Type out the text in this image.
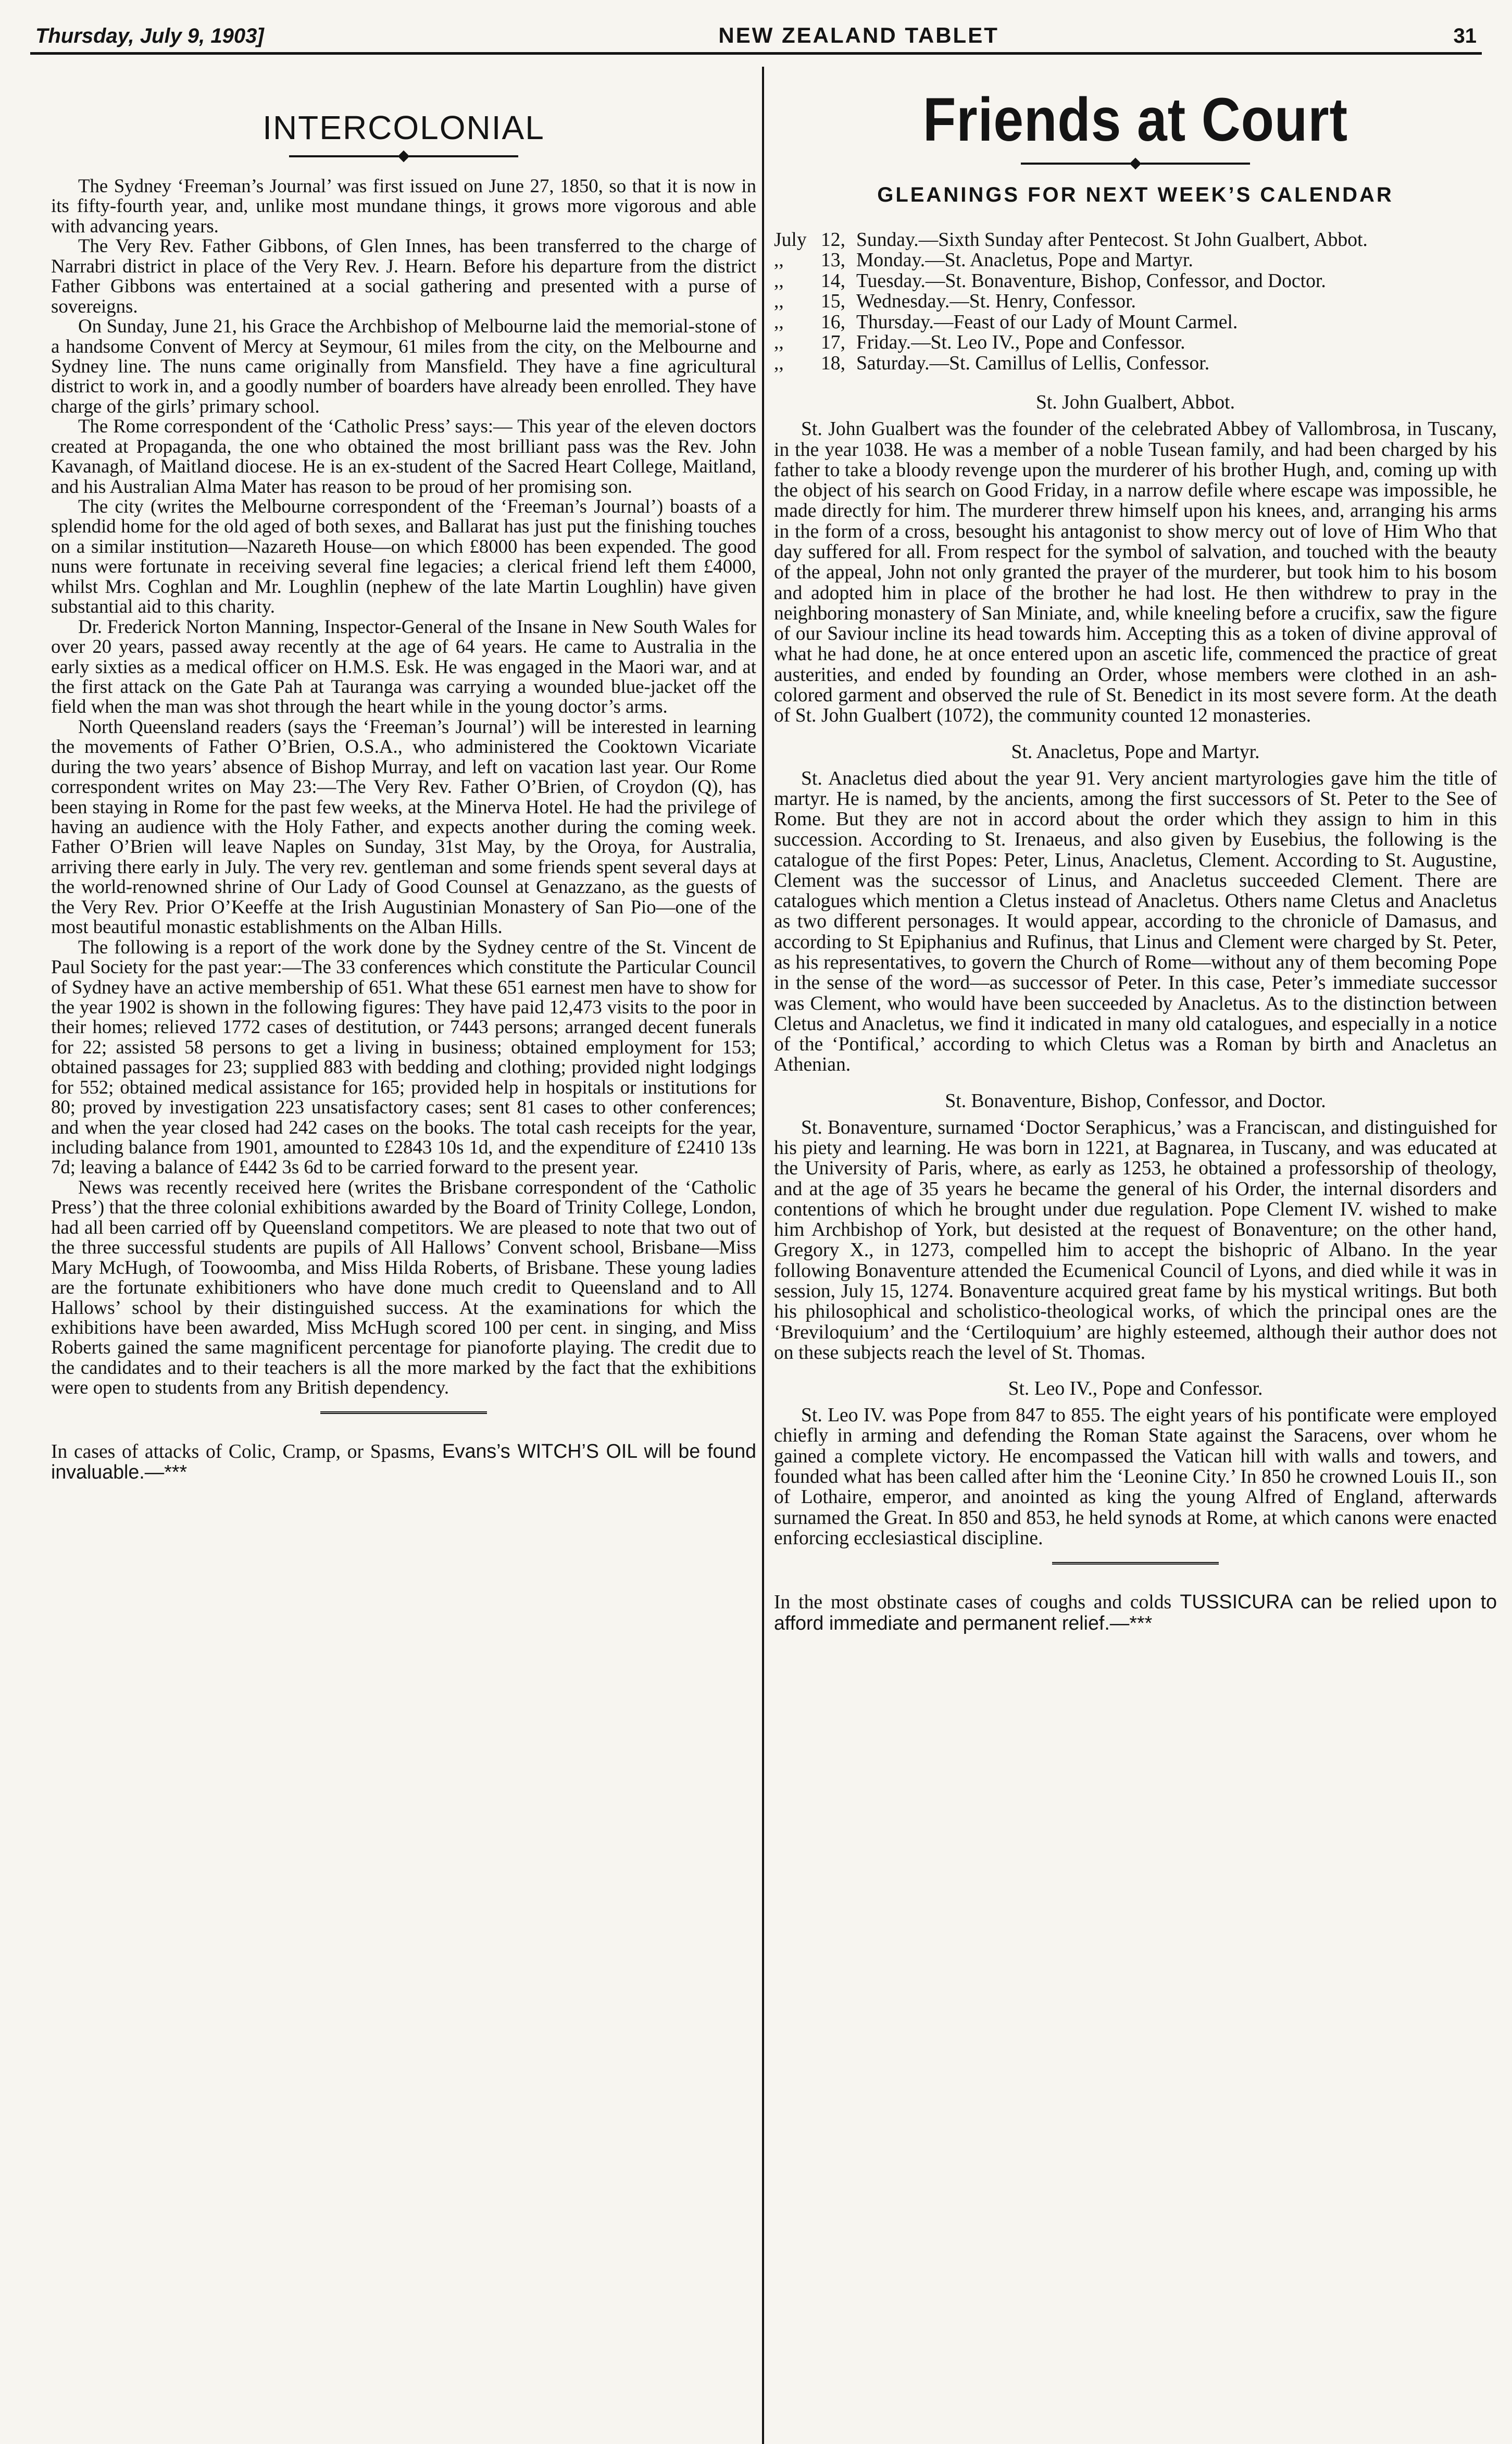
Thursday, July 9, 1903]	NEW ZEALAND TABLET	31
INTERCOLONIAL

The Sydney ‘Freeman’s Journal’ was first issued on June 27, 1850, so that it is now in its fifty-fourth year, and, unlike most mundane things, it grows more vigorous and able with advancing years.

The Very Rev. Father Gibbons, of Glen Innes, has been transferred to the charge of Narrabri district in place of the Very Rev. J. Hearn. Before his departure from the district Father Gibbons was entertained at a social gathering and presented with a purse of sovereigns.

On Sunday, June 21, his Grace the Archbishop of Melbourne laid the memorial-stone of a handsome Convent of Mercy at Seymour, 61 miles from the city, on the Melbourne and Sydney line. The nuns came originally from Mansfield. They have a fine agricultural district to work in, and a goodly number of boarders have already been enrolled. They have charge of the girls’ primary school.

The Rome correspondent of the ‘Catholic Press’ says:— This year of the eleven doctors created at Propaganda, the one who obtained the most brilliant pass was the Rev. John Kavanagh, of Maitland diocese. He is an ex-student of the Sacred Heart College, Maitland, and his Australian Alma Mater has reason to be proud of her promising son.

The city (writes the Melbourne correspondent of the ‘Freeman’s Journal’) boasts of a splendid home for the old aged of both sexes, and Ballarat has just put the finishing touches on a similar institution—Nazareth House—on which £8000 has been expended. The good nuns were fortunate in receiving several fine legacies; a clerical friend left them £4000, whilst Mrs. Coghlan and Mr. Loughlin (nephew of the late Martin Loughlin) have given substantial aid to this charity.

Dr. Frederick Norton Manning, Inspector-General of the Insane in New South Wales for over 20 years, passed away recently at the age of 64 years. He came to Australia in the early sixties as a medical officer on H.M.S. Esk. He was engaged in the Maori war, and at the first attack on the Gate Pah at Tauranga was carrying a wounded blue-jacket off the field when the man was shot through the heart while in the young doctor’s arms.

North Queensland readers (says the ‘Freeman’s Journal’) will be interested in learning the movements of Father O’Brien, O.S.A., who administered the Cooktown Vicariate during the two years’ absence of Bishop Murray, and left on vacation last year. Our Rome correspondent writes on May 23:—The Very Rev. Father O’Brien, of Croydon (Q), has been staying in Rome for the past few weeks, at the Minerva Hotel. He had the privilege of having an audience with the Holy Father, and expects another during the coming week. Father O’Brien will leave Naples on Sunday, 31st May, by the Oroya, for Australia, arriving there early in July. The very rev. gentleman and some friends spent several days at the world-renowned shrine of Our Lady of Good Counsel at Genazzano, as the guests of the Very Rev. Prior O’Keeffe at the Irish Augustinian Monastery of San Pio—one of the most beautiful monastic establishments on the Alban Hills.

The following is a report of the work done by the Sydney centre of the St. Vincent de Paul Society for the past year:—The 33 conferences which constitute the Particular Council of Sydney have an active membership of 651. What these 651 earnest men have to show for the year 1902 is shown in the following figures: They have paid 12,473 visits to the poor in their homes; relieved 1772 cases of destitution, or 7443 persons; arranged decent funerals for 22; assisted 58 persons to get a living in business; obtained employment for 153; obtained passages for 23; supplied 883 with bedding and clothing; provided night lodgings for 552; obtained medical assistance for 165; provided help in hospitals or institutions for 80; proved by investigation 223 unsatisfactory cases; sent 81 cases to other conferences; and when the year closed had 242 cases on the books. The total cash receipts for the year, including balance from 1901, amounted to £2843 10s 1d, and the expenditure of £2410 13s 7d; leaving a balance of £442 3s 6d to be carried forward to the present year.

News was recently received here (writes the Brisbane correspondent of the ‘Catholic Press’) that the three colonial exhibitions awarded by the Board of Trinity College, London, had all been carried off by Queensland competitors. We are pleased to note that two out of the three successful students are pupils of All Hallows’ Convent school, Brisbane—Miss Mary McHugh, of Toowoomba, and Miss Hilda Roberts, of Brisbane. These young ladies are the fortunate exhibitioners who have done much credit to Queensland and to All Hallows’ school by their distinguished success. At the examinations for which the exhibitions have been awarded, Miss McHugh scored 100 per cent. in singing, and Miss Roberts gained the same magnificent percentage for pianoforte playing. The credit due to the candidates and to their teachers is all the more marked by the fact that the exhibitions were open to students from any British dependency.

In cases of attacks of Colic, Cramp, or Spasms, Evans’s WITCH’S OIL will be found invaluable.—***
Friends at Court
GLEANINGS FOR NEXT WEEK’S CALENDAR
July 12, Sunday.—Sixth Sunday after Pentecost. St John Gualbert, Abbot.
,,	13, Monday.—St. Anacletus, Pope and Martyr.
,,	14, Tuesday.—St. Bonaventure, Bishop, Confessor, and Doctor.
,,	15, Wednesday.—St. Henry, Confessor.
,,	16, Thursday.—Feast of our Lady of Mount Carmel.
,,	17, Friday.—St. Leo IV., Pope and Confessor.
,,	18, Saturday.—St. Camillus of Lellis, Confessor.
St. John Gualbert, Abbot.

St. John Gualbert was the founder of the celebrated Abbey of Vallombrosa, in Tuscany, in the year 1038. He was a member of a noble Tusean family, and had been charged by his father to take a bloody revenge upon the murderer of his brother Hugh, and, coming up with the object of his search on Good Friday, in a narrow defile where escape was impossible, he made directly for him. The murderer threw himself upon his knees, and, arranging his arms in the form of a cross, besought his antagonist to show mercy out of love of Him Who that day suffered for all. From respect for the symbol of salvation, and touched with the beauty of the appeal, John not only granted the prayer of the murderer, but took him to his bosom and adopted him in place of the brother he had lost. He then withdrew to pray in the neighboring monastery of San Miniate, and, while kneeling before a crucifix, saw the figure of our Saviour incline its head towards him. Accepting this as a token of divine approval of what he had done, he at once entered upon an ascetic life, commenced the practice of great austerities, and ended by founding an Order, whose members were clothed in an ash-colored garment and observed the rule of St. Benedict in its most severe form. At the death of St. John Gualbert (1072), the community counted 12 monasteries.

St. Anacletus, Pope and Martyr.

St. Anacletus died about the year 91. Very ancient martyrologies gave him the title of martyr. He is named, by the ancients, among the first successors of St. Peter to the See of Rome. But they are not in accord about the order which they assign to him in this succession. According to St. Irenaeus, and also given by Eusebius, the following is the catalogue of the first Popes: Peter, Linus, Anacletus, Clement. According to St. Augustine, Clement was the successor of Linus, and Anacletus succeeded Clement. There are catalogues which mention a Cletus instead of Anacletus. Others name Cletus and Anacletus as two different personages. It would appear, according to the chronicle of Damasus, and according to St Epiphanius and Rufinus, that Linus and Clement were charged by St. Peter, as his representatives, to govern the Church of Rome—without any of them becoming Pope in the sense of the word—as successor of Peter. In this case, Peter’s immediate successor was Clement, who would have been succeeded by Anacletus. As to the distinction between Cletus and Anacletus, we find it indicated in many old catalogues, and especially in a notice of the ‘Pontifical,’ according to which Cletus was a Roman by birth and Anacletus an Athenian.

St. Bonaventure, Bishop, Confessor, and Doctor.

St. Bonaventure, surnamed ‘Doctor Seraphicus,’ was a Franciscan, and distinguished for his piety and learning. He was born in 1221, at Bagnarea, in Tuscany, and was educated at the University of Paris, where, as early as 1253, he obtained a professorship of theology, and at the age of 35 years he became the general of his Order, the internal disorders and contentions of which he brought under due regulation. Pope Clement IV. wished to make him Archbishop of York, but desisted at the request of Bonaventure; on the other hand, Gregory X., in 1273, compelled him to accept the bishopric of Albano. In the year following Bonaventure attended the Ecumenical Council of Lyons, and died while it was in session, July 15, 1274. Bonaventure acquired great fame by his mystical writings. But both his philosophical and scholistico-theological works, of which the principal ones are the ‘Breviloquium’ and the ‘Certiloquium’ are highly esteemed, although their author does not on these subjects reach the level of St. Thomas.

St. Leo IV., Pope and Confessor.

St. Leo IV. was Pope from 847 to 855. The eight years of his pontificate were employed chiefly in arming and defending the Roman State against the Saracens, over whom he gained a complete victory. He encompassed the Vatican hill with walls and towers, and founded what has been called after him the ‘Leonine City.’ In 850 he crowned Louis II., son of Lothaire, emperor, and anointed as king the young Alfred of England, afterwards surnamed the Great. In 850 and 853, he held synods at Rome, at which canons were enacted enforcing ecclesiastical discipline.

In the most obstinate cases of coughs and colds TUSSICURA can be relied upon to afford immediate and permanent relief.—***
